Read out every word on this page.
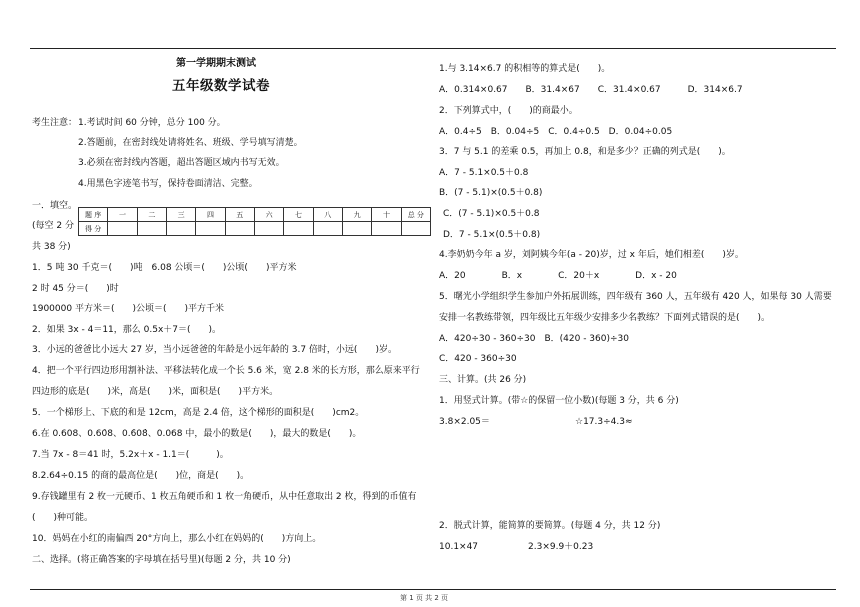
第一学期期末测试
五年级数学试卷
考生注意： 1.考试时间 60 分钟，总分 100 分。
2.答题前，在密封线处请将姓名、班级、学号填写清楚。
3.必须在密封线内答题，超出答题区域内书写无效。
4.用黑色字迹笔书写，保持卷面清洁、完整。
一．填空。
(每空 2 分
共 38 分)
题 序	一	二	三	四	五	六	七	八	九	十	总 分
得 分											
1．5 吨 30 千克＝(　　)吨　6.08 公顷＝(　　)公顷(　　)平方米
2 时 45 分＝(　　)时
1900000 平方米＝(　　)公顷＝(　　)平方千米
2．如果 3x - 4＝11，那么 0.5x＋7＝(　　)。
3．小远的爸爸比小远大 27 岁，当小远爸爸的年龄是小远年龄的 3.7 倍时，小远(　　)岁。
4．把一个平行四边形用割补法、平移法转化成一个长 5.6 米，宽 2.8 米的长方形，那么原来平行
四边形的底是(　　)米，高是(　　)米，面积是(　　)平方米。
5．一个梯形上、下底的和是 12cm，高是 2.4 倍，这个梯形的面积是(　　)cm2。
6.在 0.608、0.60̇8、0.6̇08̇、0.068 中，最小的数是(　　)，最大的数是(　　)。
7.当 7x - 8＝41 时，5.2x＋x - 1.1＝(　　　)。
8.2.64÷0.15 的商的最高位是(　　)位，商是(　　)。
9.存钱罐里有 2 枚一元硬币、1 枚五角硬币和 1 枚一角硬币，从中任意取出 2 枚，得到的币值有
(　　)种可能。
10．妈妈在小红的南偏西 20°方向上，那么小红在妈妈的(　　)方向上。
二、选择。(将正确答案的字母填在括号里)(每题 2 分，共 10 分)
1.与 3.14×6.7 的积相等的算式是(　　)。
A．0.314×0.67　　B．31.4×67　　C．31.4×0.67　　　D．314×6.7
2．下列算式中，(　　)的商最小。
A．0.4÷5　B．0.04÷5　C．0.4÷0.5　D．0.04÷0.05
3．7 与 5.1 的差乘 0.5，再加上 0.8，和是多少？正确的列式是(　　)。
A．7 - 5.1×0.5＋0.8
B．(7 - 5.1)×(0.5＋0.8)
C．(7 - 5.1)×0.5＋0.8
D．7 - 5.1×(0.5＋0.8)
4.李奶奶今年 a 岁，刘阿姨今年(a - 20)岁，过 x 年后，她们相差(　　)岁。
A．20　　　　B．x　　　　C．20＋x　　　　D．x - 20
5．曙光小学组织学生参加户外拓展训练，四年级有 360 人，五年级有 420 人，如果每 30 人需要
安排一名教练带领，四年级比五年级少安排多少名教练？下面列式错误的是(　　)。
A．420÷30 - 360÷30　B．(420 - 360)÷30
C．420 - 360÷30
三、计算。(共 26 分)
1．用竖式计算。(带☆的保留一位小数)(每题 3 分，共 6 分)
3.8×2.05＝	☆17.3÷4.3≈
2．脱式计算，能简算的要简算。(每题 4 分，共 12 分)
10.1×47	2.3×9.9＋0.23
第 1 页 共 2 页
